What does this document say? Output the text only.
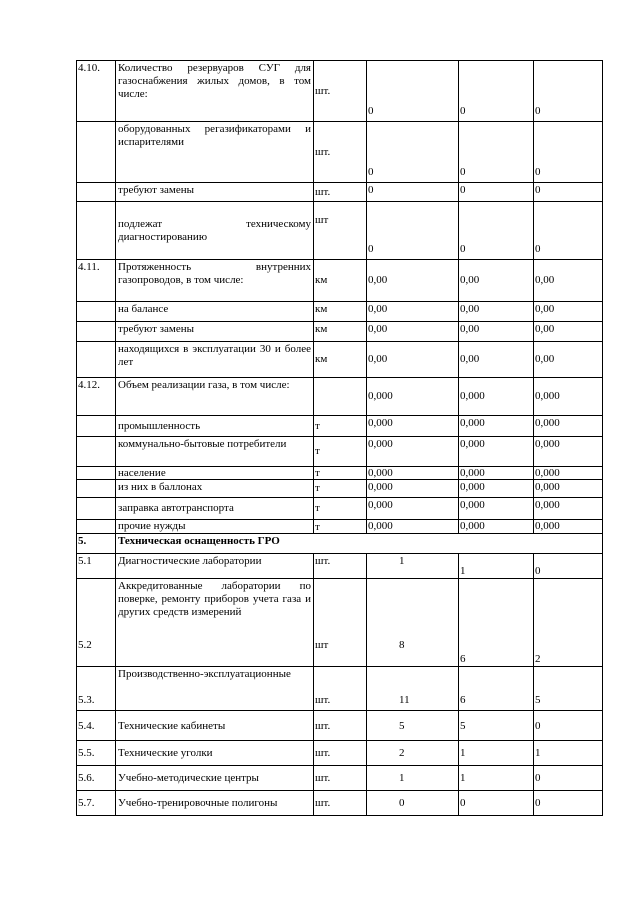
4.10.	Количество резервуаров СУГ для газоснабжения жилых домов, в том числе:	шт.	0	0	0
	оборудованных регазификаторами и испарителями	шт.	0	0	0
	требуют замены	шт.	0	0	0
	подлежат техническому диагностированию	шт	0	0	0
4.11.	Протяженность внутренних газопроводов, в том числе:	км	0,00	0,00	0,00
	на балансе	км	0,00	0,00	0,00
	требуют замены	км	0,00	0,00	0,00
	находящихся в эксплуатации 30 и более лет	км	0,00	0,00	0,00
4.12.	Объем реализации газа, в том числе:		0,000	0,000	0,000
	промышленность	т	0,000	0,000	0,000
	коммунально-бытовые потребители	т	0,000	0,000	0,000
	население	т	0,000	0,000	0,000
	из них в баллонах	т	0,000	0,000	0,000
	заправка автотранспорта	т	0,000	0,000	0,000
	прочие нужды	т	0,000	0,000	0,000
5.	Техническая оснащенность ГРО				
5.1	Диагностические лаборатории	шт.	1	1	0
5.2	Аккредитованные лаборатории по поверке, ремонту приборов учета газа и других средств измерений	шт	8	6	2
5.3.	Производственно-эксплуатационные	шт.	11	6	5
5.4.	Технические кабинеты	шт.	5	5	0
5.5.	Технические уголки	шт.	2	1	1
5.6.	Учебно-методические центры	шт.	1	1	0
5.7.	Учебно-тренировочные полигоны	шт.	0	0	0
